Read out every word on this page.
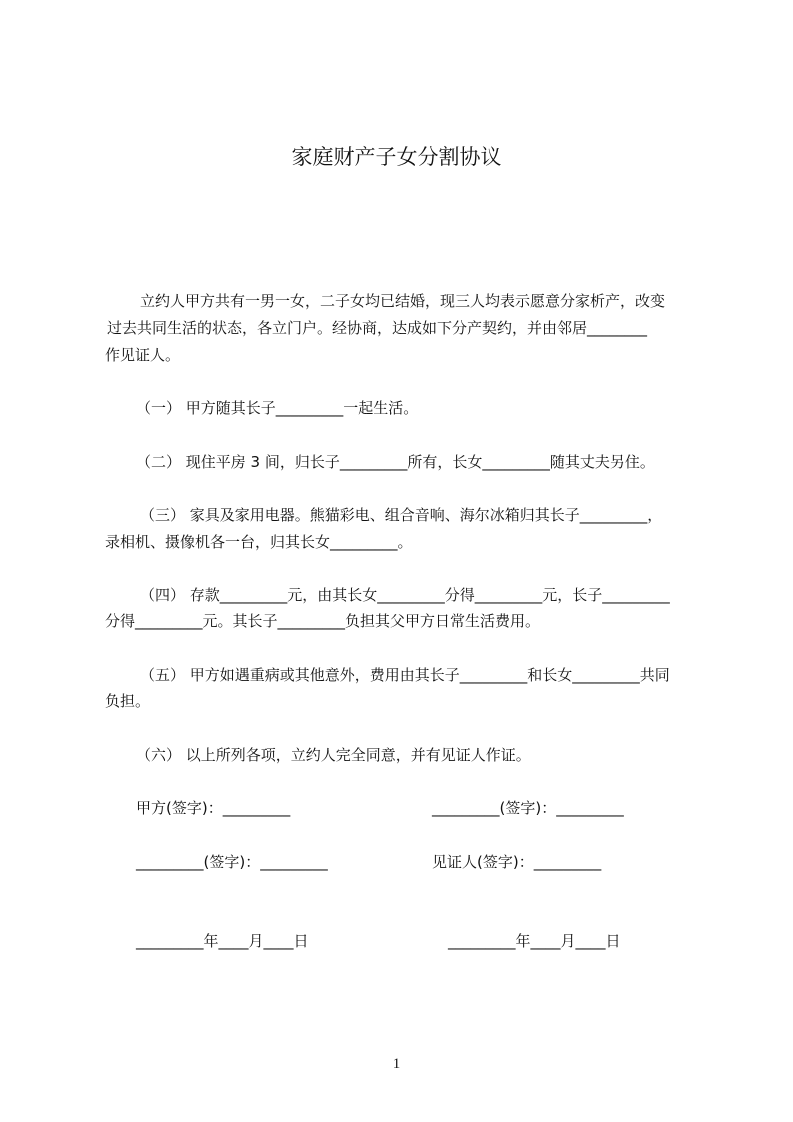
家庭财产子女分割协议
立约人甲方共有一男一女，二子女均已结婚，现三人均表示愿意分家析产，改变
过去共同生活的状态，各立门户。经协商，达成如下分产契约，并由邻居________
作见证人。
（一） 甲方随其长子_________一起生活。
（二） 现住平房 3 间，归长子_________所有，长女_________随其丈夫另住。
（三） 家具及家用电器。熊猫彩电、组合音响、海尔冰箱归其长子_________，
录相机、摄像机各一台，归其长女_________。
（四） 存款_________元，由其长女_________分得_________元，长子_________
分得_________元。其长子_________负担其父甲方日常生活费用。
（五） 甲方如遇重病或其他意外，费用由其长子_________和长女_________共同
负担。
（六） 以上所列各项，立约人完全同意，并有见证人作证。
甲方(签字)：_________	_________(签字)：_________
_________(签字)：_________	见证人(签字)：_________
_________年____月____日	_________年____月____日
1
